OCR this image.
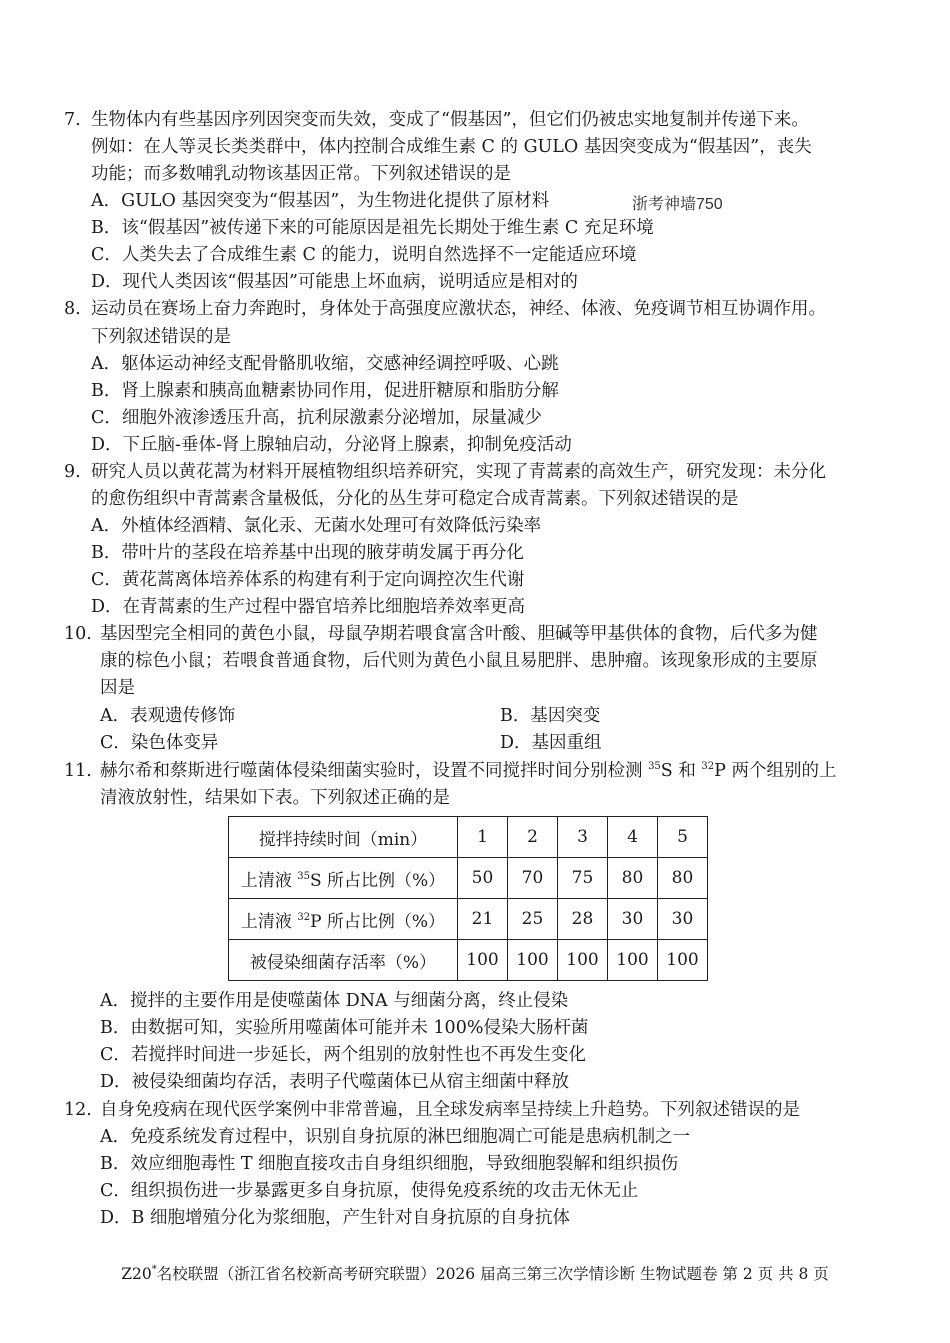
7. 生物体内有些基因序列因突变而失效，变成了“假基因”，但它们仍被忠实地复制并传递下来。
例如：在人等灵长类类群中，体内控制合成维生素 C 的 GULO 基因突变成为“假基因”，丧失
功能；而多数哺乳动物该基因正常。下列叙述错误的是
A．GULO 基因突变为“假基因”，为生物进化提供了原材料	浙考神墙750
B．该“假基因”被传递下来的可能原因是祖先长期处于维生素 C 充足环境
C．人类失去了合成维生素 C 的能力，说明自然选择不一定能适应环境
D．现代人类因该“假基因”可能患上坏血病，说明适应是相对的
8. 运动员在赛场上奋力奔跑时，身体处于高强度应激状态，神经、体液、免疫调节相互协调作用。
下列叙述错误的是
A．躯体运动神经支配骨骼肌收缩，交感神经调控呼吸、心跳
B．肾上腺素和胰高血糖素协同作用，促进肝糖原和脂肪分解
C．细胞外液渗透压升高，抗利尿激素分泌增加，尿量减少
D．下丘脑-垂体-肾上腺轴启动，分泌肾上腺素，抑制免疫活动
9. 研究人员以黄花蒿为材料开展植物组织培养研究，实现了青蒿素的高效生产，研究发现：未分化
的愈伤组织中青蒿素含量极低，分化的丛生芽可稳定合成青蒿素。下列叙述错误的是
A．外植体经酒精、氯化汞、无菌水处理可有效降低污染率
B．带叶片的茎段在培养基中出现的腋芽萌发属于再分化
C．黄花蒿离体培养体系的构建有利于定向调控次生代谢
D．在青蒿素的生产过程中器官培养比细胞培养效率更高
10. 基因型完全相同的黄色小鼠，母鼠孕期若喂食富含叶酸、胆碱等甲基供体的食物，后代多为健
康的棕色小鼠；若喂食普通食物，后代则为黄色小鼠且易肥胖、患肿瘤。该现象形成的主要原
因是
A．表观遗传修饰	B．基因突变
C．染色体变异	D．基因重组
11. 赫尔希和蔡斯进行噬菌体侵染细菌实验时，设置不同搅拌时间分别检测 $^{35}$S 和 $^{32}$P 两个组别的上
清液放射性，结果如下表。下列叙述正确的是
搅拌持续时间（min）	1	2	3	4	5
上清液 $^{35}$S 所占比例（%）	50	70	75	80	80
上清液 $^{32}$P 所占比例（%）	21	25	28	30	30
被侵染细菌存活率（%）	100	100	100	100	100
A．搅拌的主要作用是使噬菌体 DNA 与细菌分离，终止侵染
B．由数据可知，实验所用噬菌体可能并未 100%侵染大肠杆菌
C．若搅拌时间进一步延长，两个组别的放射性也不再发生变化
D．被侵染细菌均存活，表明子代噬菌体已从宿主细菌中释放
12. 自身免疫病在现代医学案例中非常普遍，且全球发病率呈持续上升趋势。下列叙述错误的是
A．免疫系统发育过程中，识别自身抗原的淋巴细胞凋亡可能是患病机制之一
B．效应细胞毒性 T 细胞直接攻击自身组织细胞，导致细胞裂解和组织损伤
C．组织损伤进一步暴露更多自身抗原，使得免疫系统的攻击无休无止
D．B 细胞增殖分化为浆细胞，产生针对自身抗原的自身抗体
Z20*名校联盟（浙江省名校新高考研究联盟）2026 届高三第三次学情诊断 生物试题卷 第 2 页 共 8 页
